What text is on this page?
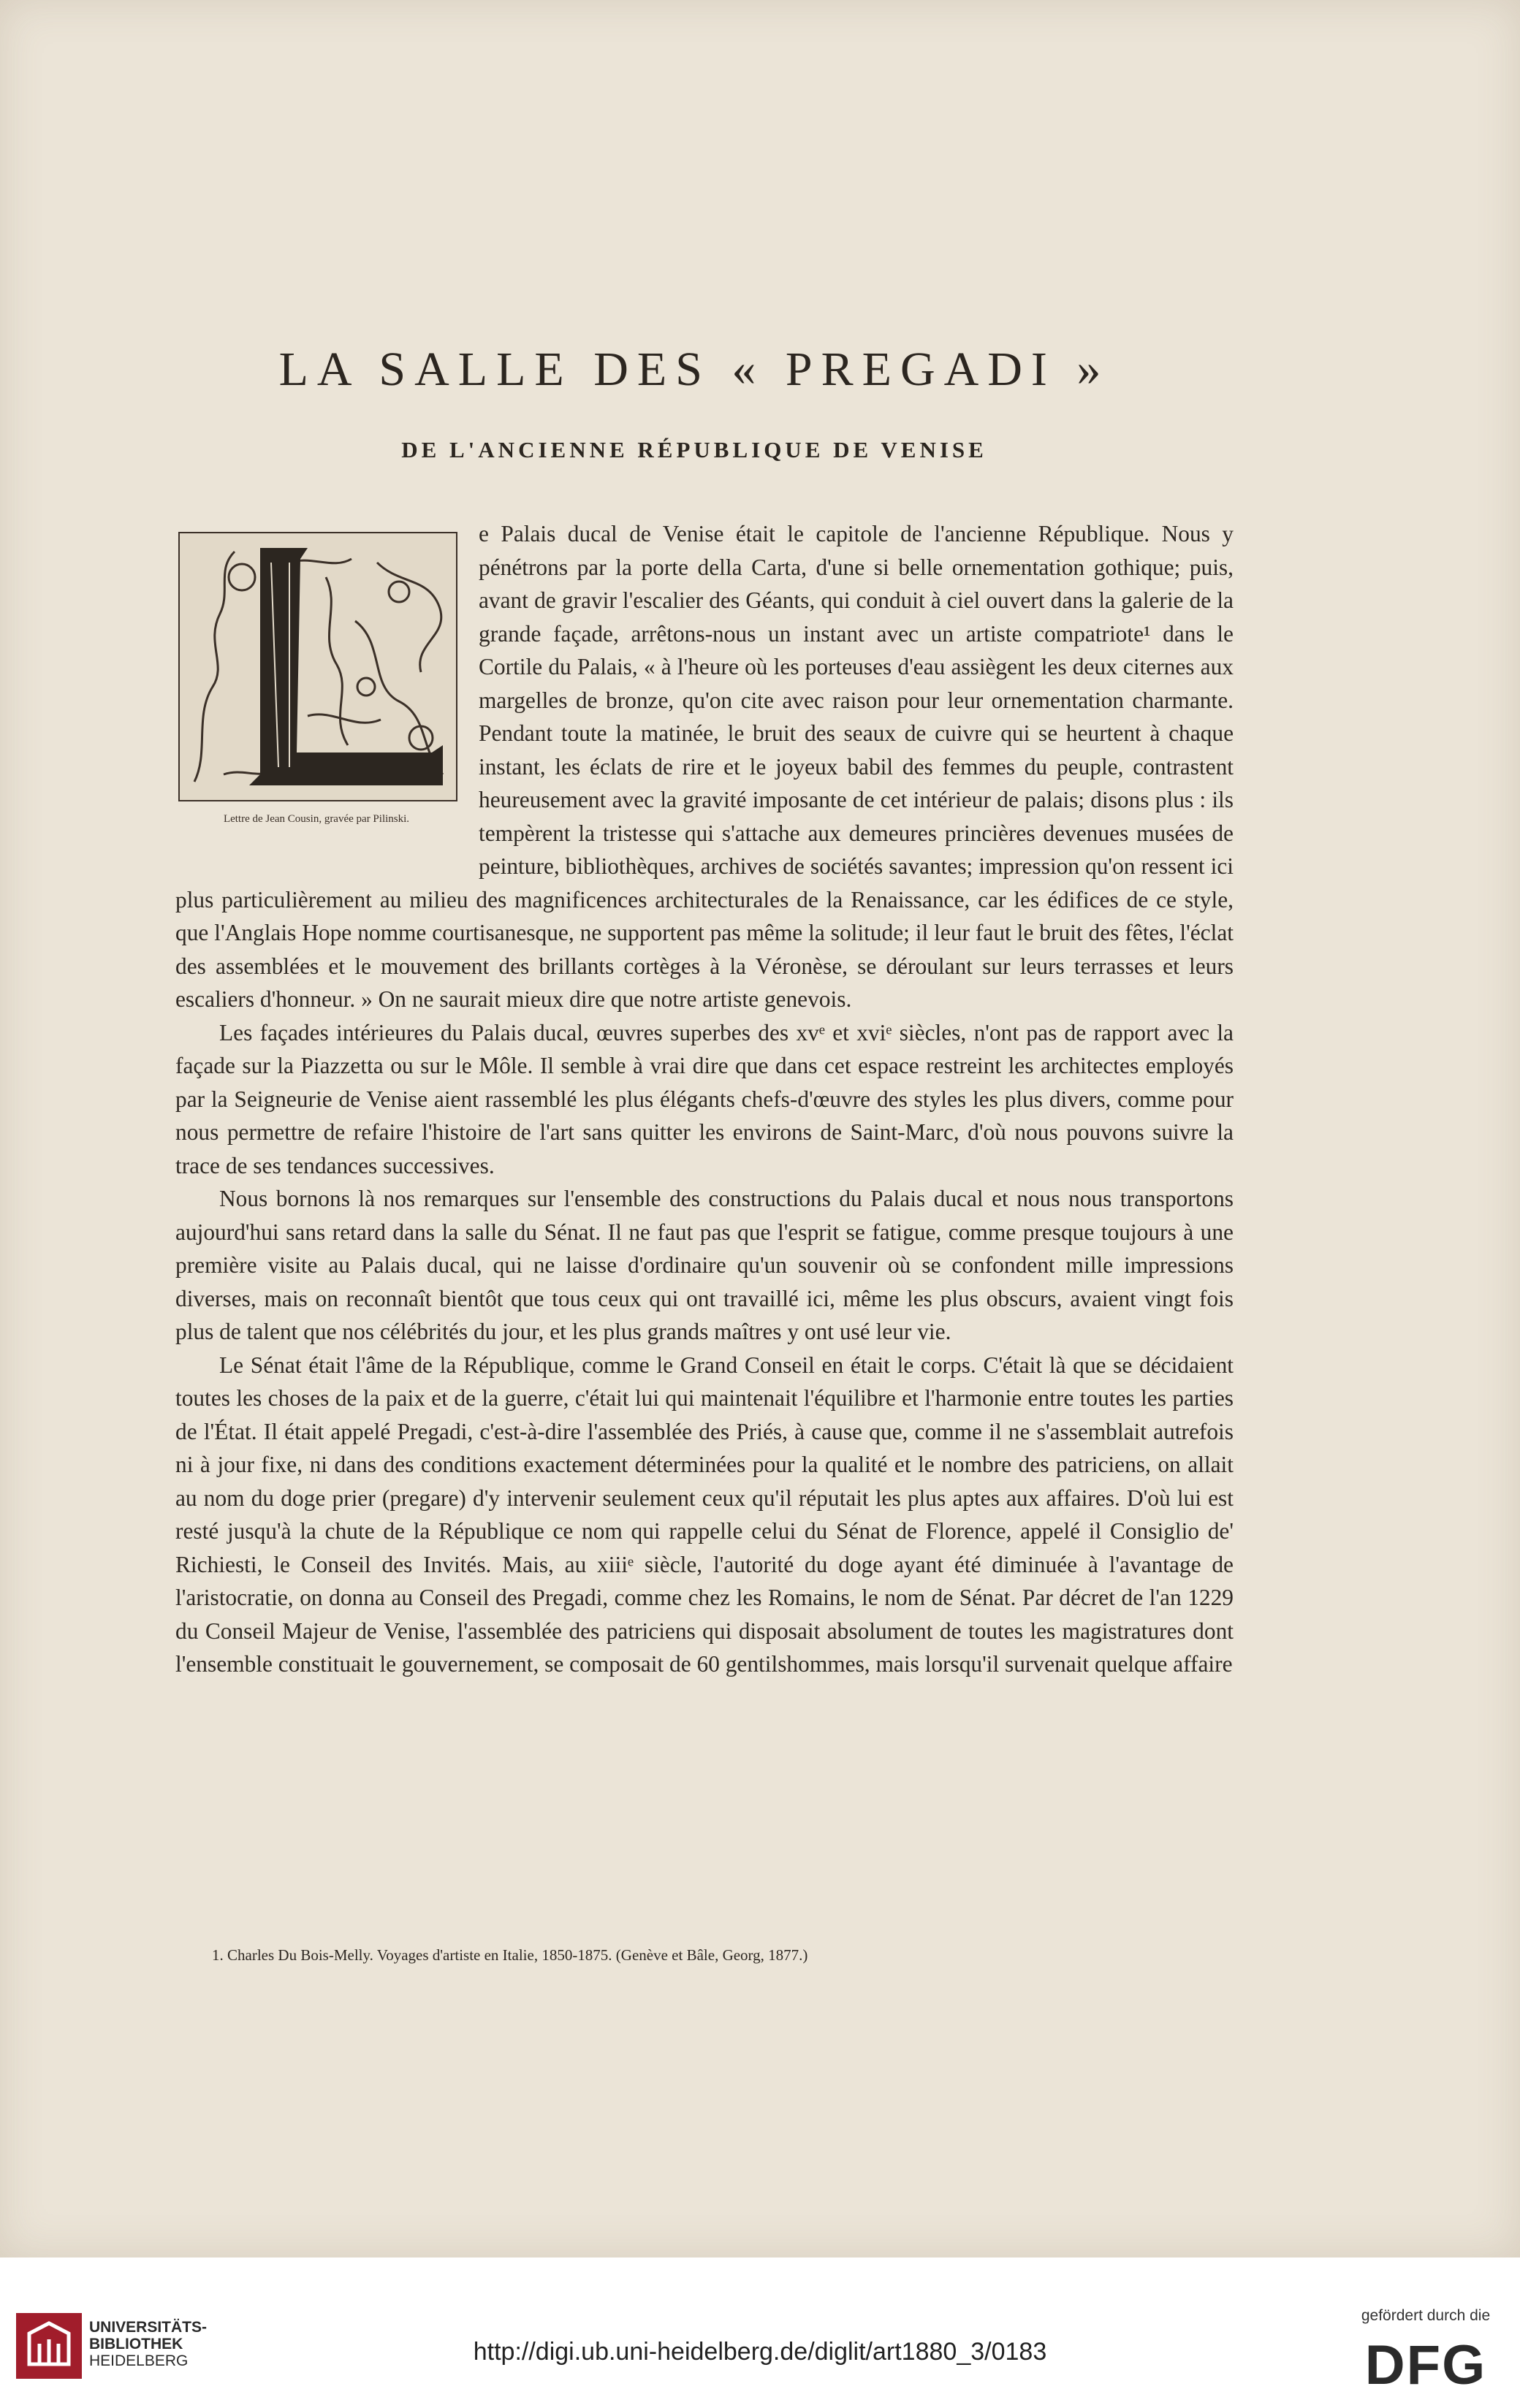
LA SALLE DES « PREGADI »
DE L'ANCIENNE RÉPUBLIQUE DE VENISE
Lettre de Jean Cousin, gravée par Pilinski.

e Palais ducal de Venise était le capitole de l'ancienne République. Nous y pénétrons par la porte della Carta, d'une si belle ornementation gothique; puis, avant de gravir l'escalier des Géants, qui conduit à ciel ouvert dans la galerie de la grande façade, arrêtons-nous un instant avec un artiste compatriote¹ dans le Cortile du Palais, « à l'heure où les porteuses d'eau assiègent les deux citernes aux margelles de bronze, qu'on cite avec raison pour leur ornementation charmante. Pendant toute la matinée, le bruit des seaux de cuivre qui se heurtent à chaque instant, les éclats de rire et le joyeux babil des femmes du peuple, contrastent heureusement avec la gravité imposante de cet intérieur de palais; disons plus : ils tempèrent la tristesse qui s'attache aux demeures princières devenues musées de peinture, bibliothèques, archives de sociétés savantes; impression qu'on ressent ici plus particulièrement au milieu des magnificences architecturales de la Renaissance, car les édifices de ce style, que l'Anglais Hope nomme courtisanesque, ne supportent pas même la solitude; il leur faut le bruit des fêtes, l'éclat des assemblées et le mouvement des brillants cortèges à la Véronèse, se déroulant sur leurs terrasses et leurs escaliers d'honneur. » On ne saurait mieux dire que notre artiste genevois.

Les façades intérieures du Palais ducal, œuvres superbes des xvᵉ et xviᵉ siècles, n'ont pas de rapport avec la façade sur la Piazzetta ou sur le Môle. Il semble à vrai dire que dans cet espace restreint les architectes employés par la Seigneurie de Venise aient rassemblé les plus élégants chefs-d'œuvre des styles les plus divers, comme pour nous permettre de refaire l'histoire de l'art sans quitter les environs de Saint-Marc, d'où nous pouvons suivre la trace de ses tendances successives.

Nous bornons là nos remarques sur l'ensemble des constructions du Palais ducal et nous nous transportons aujourd'hui sans retard dans la salle du Sénat. Il ne faut pas que l'esprit se fatigue, comme presque toujours à une première visite au Palais ducal, qui ne laisse d'ordinaire qu'un souvenir où se confondent mille impressions diverses, mais on reconnaît bientôt que tous ceux qui ont travaillé ici, même les plus obscurs, avaient vingt fois plus de talent que nos célébrités du jour, et les plus grands maîtres y ont usé leur vie.

Le Sénat était l'âme de la République, comme le Grand Conseil en était le corps. C'était là que se décidaient toutes les choses de la paix et de la guerre, c'était lui qui maintenait l'équilibre et l'harmonie entre toutes les parties de l'État. Il était appelé Pregadi, c'est-à-dire l'assemblée des Priés, à cause que, comme il ne s'assemblait autrefois ni à jour fixe, ni dans des conditions exactement déterminées pour la qualité et le nombre des patriciens, on allait au nom du doge prier (pregare) d'y intervenir seulement ceux qu'il réputait les plus aptes aux affaires. D'où lui est resté jusqu'à la chute de la République ce nom qui rappelle celui du Sénat de Florence, appelé il Consiglio de' Richiesti, le Conseil des Invités. Mais, au xiiiᵉ siècle, l'autorité du doge ayant été diminuée à l'avantage de l'aristocratie, on donna au Conseil des Pregadi, comme chez les Romains, le nom de Sénat. Par décret de l'an 1229 du Conseil Majeur de Venise, l'assemblée des patriciens qui disposait absolument de toutes les magistratures dont l'ensemble constituait le gouvernement, se composait de 60 gentilshommes, mais lorsqu'il survenait quelque affaire

1. Charles Du Bois-Melly. Voyages d'artiste en Italie, 1850-1875. (Genève et Bâle, Georg, 1877.)
UNIVERSITÄTS-
BIBLIOTHEK
HEIDELBERG	http://digi.ub.uni-heidelberg.de/diglit/art1880_3/0183
gefördert durch die
DFG
